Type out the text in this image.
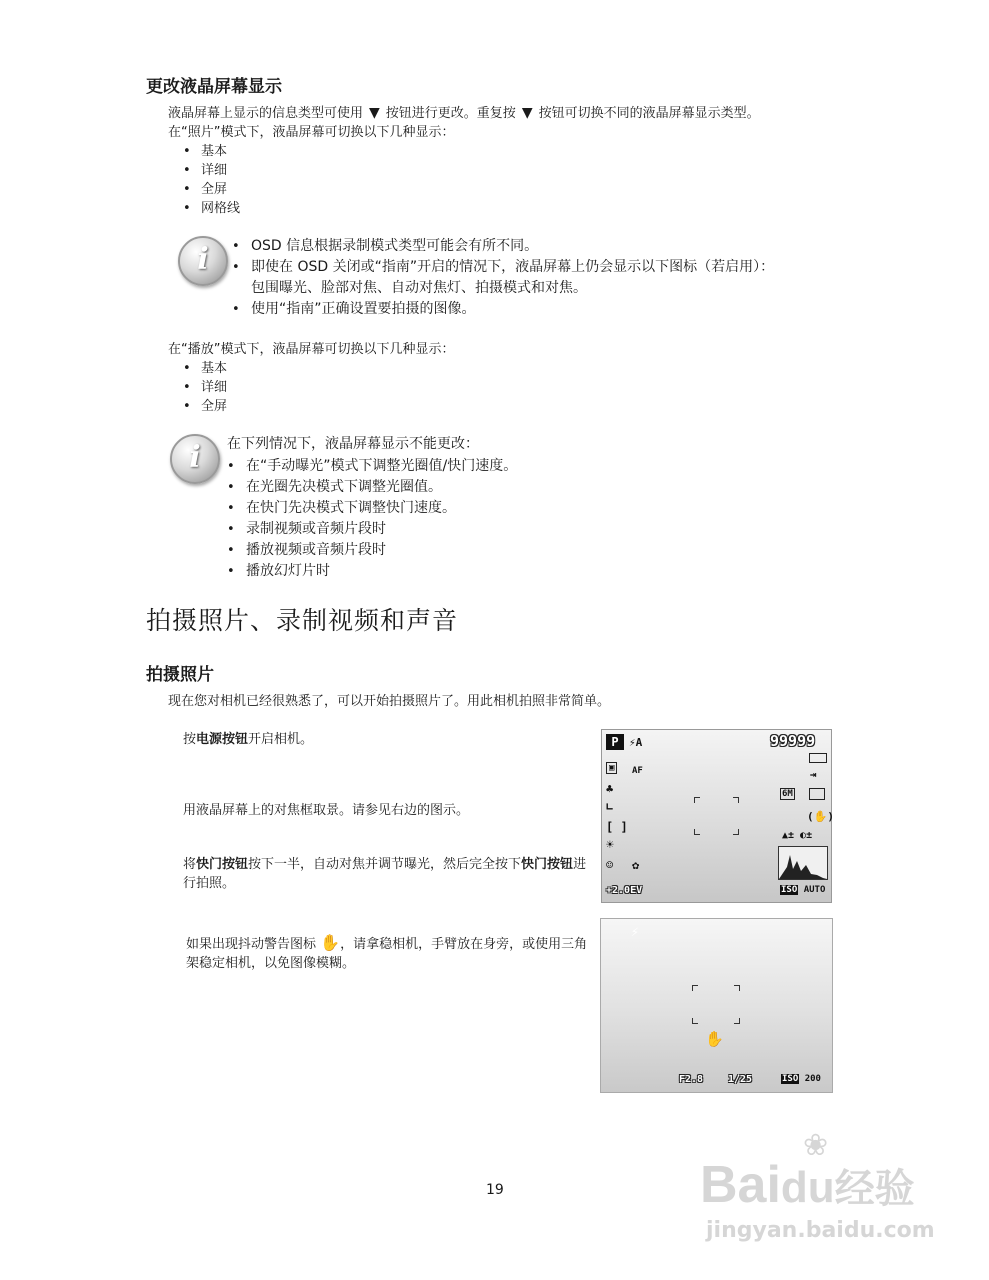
更改液晶屏幕显示
液晶屏幕上显示的信息类型可使用 ▼ 按钮进行更改。重复按 ▼ 按钮可切换不同的液晶屏幕显示类型。
在“照片”模式下，液晶屏幕可切换以下几种显示：
• 基本
• 详细
• 全屏
• 网格线
i
•	OSD 信息根据录制模式类型可能会有所不同。
• 即使在 OSD 关闭或“指南”开启的情况下，液晶屏幕上仍会显示以下图标（若启用）：
包围曝光、脸部对焦、自动对焦灯、拍摄模式和对焦。
• 使用“指南”正确设置要拍摄的图像。
在“播放”模式下，液晶屏幕可切换以下几种显示：
• 基本
• 详细
• 全屏
i	在下列情况下，液晶屏幕显示不能更改：
• 在“手动曝光”模式下调整光圈值/快门速度。
• 在光圈先决模式下调整光圈值。
• 在快门先决模式下调整快门速度。
• 录制视频或音频片段时
• 播放视频或音频片段时
• 播放幻灯片时
拍摄照片、录制视频和声音
拍摄照片
现在您对相机已经很熟悉了，可以开始拍摄照片了。用此相机拍照非常简单。
按电源按钮开启相机。
用液晶屏幕上的对焦框取景。请参见右边的图示。
将快门按钮按下一半，自动对焦并调节曝光，然后完全按下快门按钮进行拍照。
如果出现抖动警告图标 ✋，请拿稳相机，手臂放在身旁，或使用三角架稳定相机，以免图像模糊。
P ⚡A	99999
⇥
▣	AF
♣
∟
[ ]
☀
☺ ✿
+2.0EV
6M
(✋)
▲± ◐±
ISO AUTO
⚡
✋
F2.8 1/25	ISO 200
19	Baidu经验
❀
jingyan.baidu.com
